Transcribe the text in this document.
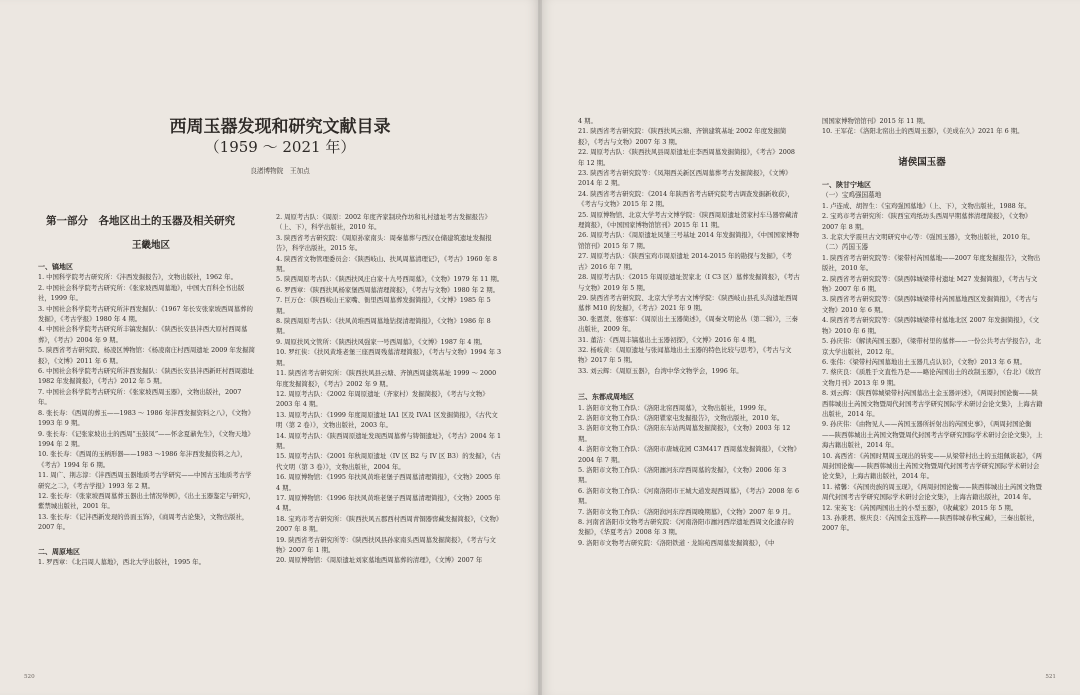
西周玉器发现和研究文献目录
（1959 ～ 2021 年）
良渚博物院　王加点
第一部分　各地区出土的玉器及相关研究
王畿地区

一、镐地区

1. 中国科学院考古研究所：《沣西发掘报告》，文物出版社，1962 年。

2. 中国社会科学院考古研究所：《张家坡西周墓地》，中国大百科全书出版社，1999 年。

3. 中国社会科学院考古研究所沣西发掘队：《1967 年长安张家坡西周墓葬的发掘》，《考古学报》1980 年 4 期。

4. 中国社会科学院考古研究所丰镐发掘队：《陕西长安县沣西大原村西周墓葬》，《考古》2004 年 9 期。

5. 陕西省考古研究院、杨凌区博物馆：《杨凌南庄村西周遗址 2009 年发掘简报》，《文博》2011 年 6 期。

6. 中国社会科学院考古研究所沣西发掘队：《陕西长安县沣西新旺村西周遗址 1982 年发掘简报》，《考古》2012 年 5 期。

7. 中国社会科学院考古研究所：《张家坡西周玉器》，文物出版社，2007 年。

8. 张长寿：《西周的葬玉——1983 ～ 1986 年沣西发掘资料之八》，《文物》1993 年 9 期。

9. 张长寿：《记张家坡出土的西周“玉鼓凤”——怀念夏鼐先生》，《文物天地》1994 年 2 期。

10. 张长寿：《西周的玉柄形器——1983 ～1986 年沣西发掘资料之九》，《考古》1994 年 6 期。

11. 周广、荆志淳：《沣西西周玉器地质考古学研究——中国古玉地质考古学研究之二》，《考古学报》1993 年 2 期。

12. 张长寿：《张家坡西周墓葬玉器出土情况举例》，《出土玉器鉴定与研究》，紫禁城出版社，2001 年。

13. 张长寿：《记沣西新发现的兽面玉饰》，《商周考古论集》，文物出版社，2007 年。

二、周原地区

1. 罗西章：《北吕周人墓地》，西北大学出版社，1995 年。

2. 周原考古队：《周原：2002 年度齐家制玦作坊和礼村遗址考古发掘报告》（上、下），科学出版社，2010 年。

3. 陕西省考古研究院：《周原孙家南头：周秦墓葬与西汉仓储建筑遗址发掘报告》，科学出版社，2015 年。

4. 陕西省文物管理委员会：《陕西岐山、扶风周墓清理记》，《考古》1960 年 8 期。

5. 陕西周原考古队：《陕西扶风庄白家十九号西周墓》，《文物》1979 年 11 期。

6. 罗西章：《陕西扶风杨家堡西周墓清理简报》，《考古与文物》1980 年 2 期。

7. 巨万仓：《陕西岐山王家嘴、衙里西周墓葬发掘简报》，《文博》1985 年 5 期。

8. 陕西周原考古队：《扶风黄堆西周墓地钻探清理简报》，《文物》1986 年 8 期。

9. 周原扶风文管所：《陕西扶风强家一号西周墓》，《文博》1987 年 4 期。

10. 罗红侠：《扶风黄堆老堡三座西周残墓清理简报》，《考古与文物》1994 年 3 期。

11. 陕西省考古研究所：《陕西扶风县云塘、齐镇西周建筑基址 1999 ～ 2000 年度发掘简报》，《考古》2002 年 9 期。

12. 周原考古队：《2002 年周原遗址（齐家村）发掘简报》，《考古与文物》2003 年 4 期。

13. 周原考古队：《1999 年度周原遗址 IA1 区及 IVA1 区发掘简报》，《古代文明（第 2 卷）》，文物出版社，2003 年。

14. 周原考古队：《陕西周原遗址发现西周墓葬与铸铜遗址》，《考古》2004 年 1 期。

15. 周原考古队：《2001 年秋周原遗址（IV 区 B2 与 IV 区 B3）的发掘》，《古代文明（第 3 卷）》，文物出版社，2004 年。

16. 周原博物馆：《1995 年扶风黄堆老堡子西周墓清理简报》，《文物》2005 年 4 期。

17. 周原博物馆：《1996 年扶风黄堆老堡子西周墓清理简报》，《文物》2005 年 4 期。

18. 宝鸡市考古研究所：《陕西扶风五郡西村西周青铜器窖藏发掘简报》，《文物》2007 年 8 期。

19. 陕西省考古研究所等：《陕西扶风县孙家南头西周墓发掘简报》，《考古与文物》2007 年 1 期。

20. 周原博物馆：《周原遗址刘家墓地西周墓葬的清理》，《文博》2007 年

520

4 期。

21. 陕西省考古研究院：《陕西扶风云塘、齐镇建筑基址 2002 年度发掘简报》，《考古与文物》2007 年 3 期。

22. 周原考古队：《陕西扶风县周原遗址庄李西周墓发掘简报》，《考古》2008 年 12 期。

23. 陕西省考古研究院等：《凤翔西关新区西周墓葬考古发掘简报》，《文博》2014 年 2 期。

24. 陕西省考古研究院：《2014 年陕西省考古研究院考古调查发掘新收获》，《考古与文物》2015 年 2 期。

25. 周原博物馆、北京大学考古文博学院：《陕西周原遗址贺家村车马器窖藏清理简报》，《中国国家博物馆馆刊》2015 年 11 期。

26. 周原考古队：《周原遗址凤雏三号基址 2014 年发掘简报》，《中国国家博物馆馆刊》2015 年 7 期。

27. 周原考古队：《陕西宝鸡市周原遗址 2014-2015 年的勘探与发掘》，《考古》2016 年 7 期。

28. 周原考古队：《2015 年周原遗址贺家北（I C3 区）墓葬发掘简报》，《考古与文物》2019 年 5 期。

29. 陕西省考古研究院、北京大学考古文博学院：《陕西岐山县孔头沟遗址西周墓葬 M10 的发掘》，《考古》2021 年 9 期。

30. 张恩贤、张骞军：《周原出土玉器简述》，《周秦文明论丛（第二辑）》，三秦出版社，2009 年。

31. 董洁：《西周丰镐墓出土玉器初探》，《文博》2016 年 4 期。

32. 杨岐黄：《周原遗址与张闻墓地出土玉器的特色比较与思考》，《考古与文物》2017 年 5 期。

33. 刘云辉：《周原玉器》，台湾中华文物学会，1996 年。

三、东都成周地区

1. 洛阳市文物工作队：《洛阳北窑西周墓》，文物出版社，1999 年。

2. 洛阳市文物工作队：《洛阳瞿家屯发掘报告》，文物出版社，2010 年。

3. 洛阳市文物工作队：《洛阳东车站两周墓发掘简报》，《文物》2003 年 12 期。

4. 洛阳市文物工作队：《洛阳市唐城花园 C3M417 西周墓发掘简报》，《文物》2004 年 7 期。

5. 洛阳市文物工作队：《洛阳瀍河东岸西周墓的发掘》，《文物》2006 年 3 期。

6. 洛阳市文物工作队：《河南洛阳市王城大道发现西周墓》，《考古》2008 年 6 期。

7. 洛阳市文物工作队：《洛阳润河东岸西周晚期墓》，《文物》2007 年 9 月。

8. 河南省洛阳市文物考古研究院：《河南洛阳市瀍河西岸遗址西周文化遗存的发掘》，《华夏考古》2008 年 3 期。

9. 洛阳市文物考古研究院：《洛阳铁道 · 龙锦苑西周墓发掘简报》，《中

国国家博物馆馆刊》2015 年 11 期。

10. 王军花：《洛阳北窑出土的西周玉器》，《美成在久》2021 年 6 期。

一、陕甘宁地区

（一）宝鸡强国墓地

1. 卢连成、胡智生：《宝鸡强国墓地》（上、下），文物出版社，1988 年。

2. 宝鸡市考古研究所：《陕西宝鸡纸坊头西周早期墓葬清理简报》，《文物》2007 年 8 期。

3. 北京大学震旦古文明研究中心等：《强国玉器》，文物出版社，2010 年。

（二）芮国玉器

1. 陕西省考古研究院等：《梁带村芮国墓地——2007 年度发掘报告》，文物出版社，2010 年。

2. 陕西省考古研究院等：《陕西韩城梁带村遗址 M27 发掘简报》，《考古与文物》2007 年 6 期。

3. 陕西省考古研究院等：《陕西韩城梁带村芮国墓地西区发掘简报》，《考古与文物》2010 年 6 期。

4. 陕西省考古研究院等：《陕西韩城梁带村墓地北区 2007 年发掘简报》，《文物》2010 年 6 期。

5. 孙庆伟：《解读芮国玉器》，《梁带村里的墓葬——一份公共考古学报告》，北京大学出版社，2012 年。

6. 张伟：《梁带村芮国墓地出土玉器几点认识》，《文物》2013 年 6 期。

7. 蔡庆良：《质胜于文直性乃是——略论芮国出土的改制玉器》，（台北）《故宫文物月刊》2013 年 9 期。

8. 刘云辉：《陕西韩城梁带村芮国墓出土金玉器评述》，《两周封国论衡——陕西韩城出土芮国文物暨周代封国考古学研究国际学术研讨会论文集》，上海古籍出版社，2014 年。

9. 孙庆伟：《由物见人——芮国玉器所折射出的芮国史事》，《两周封国论衡——陕西韩城出土芮国文物暨周代封国考古学研究国际学术研讨会论文集》，上海古籍出版社，2014 年。

10. 高西省：《芮国时期周玉现出的转变——从梁带村出土的玉组佩谈起》，《两周封国论衡——陕西韩城出土芮国文物暨周代封国考古学研究国际学术研讨会论文集》，上海古籍出版社，2014 年。

11. 褚馨：《芮国贵族的周玉现》，《两周封国论衡——陕西韩城出土芮国文物暨周代封国考古学研究国际学术研讨会论文集》，上海古籍出版社，2014 年。

12. 宋英飞：《芮国两国出土的小型玉器》，《收藏家》2015 年 5 期。

13. 孙秉君、蔡庆良：《芮国金玉选粹——陕西韩城春秋宝藏》，三秦出版社，2007 年。

521
诸侯国玉器
